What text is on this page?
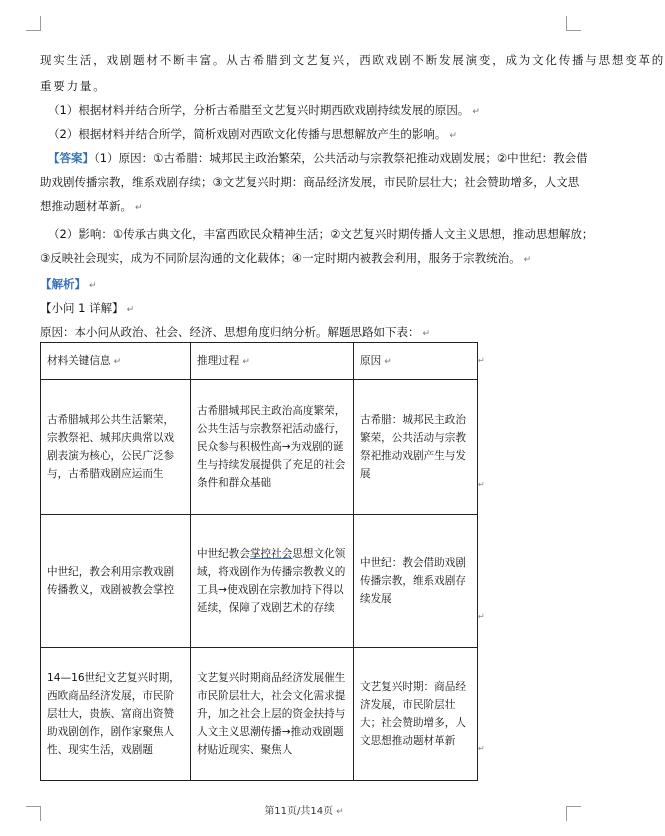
现实生活，戏剧题材不断丰富。从古希腊到文艺复兴，西欧戏剧不断发展演变，成为文化传播与思想变革的
重要力量。
（1）根据材料并结合所学，分析古希腊至文艺复兴时期西欧戏剧持续发展的原因。 ↵
（2）根据材料并结合所学，简析戏剧对西欧文化传播与思想解放产生的影响。 ↵
【答案】（1）原因：①古希腊：城邦民主政治繁荣，公共活动与宗教祭祀推动戏剧发展；②中世纪：教会借
助戏剧传播宗教，维系戏剧存续；③文艺复兴时期：商品经济发展，市民阶层壮大；社会赞助增多，人文思
想推动题材革新。 ↵
（2）影响：①传承古典文化，丰富西欧民众精神生活；②文艺复兴时期传播人文主义思想，推动思想解放；
③反映社会现实，成为不同阶层沟通的文化载体；④一定时期内被教会利用，服务于宗教统治。 ↵
【解析】 ↵
【小问 1 详解】 ↵
原因：本小问从政治、社会、经济、思想角度归纳分析。解题思路如下表： ↵
材料关键信息 ↵	推理过程 ↵	原因 ↵
古希腊城邦公共生活繁荣，宗教祭祀、城邦庆典常以戏剧表演为核心，公民广泛参与，古希腊戏剧应运而生	古希腊城邦民主政治高度繁荣，公共生活与宗教祭祀活动盛行，民众参与积极性高→为戏剧的诞生与持续发展提供了充足的社会条件和群众基础	古希腊：城邦民主政治繁荣，公共活动与宗教祭祀推动戏剧产生与发展
中世纪，教会利用宗教戏剧传播教义，戏剧被教会掌控	中世纪教会掌控社会思想文化领域，将戏剧作为传播宗教教义的工具→使戏剧在宗教加持下得以延续，保障了戏剧艺术的存续	中世纪：教会借助戏剧传播宗教，维系戏剧存续发展
14—16世纪文艺复兴时期，西欧商品经济发展，市民阶层壮大，贵族、富商出资赞助戏剧创作，剧作家聚焦人性、现实生活，戏剧题	文艺复兴时期商品经济发展催生市民阶层壮大，社会文化需求提升，加之社会上层的资金扶持与人文主义思潮传播→推动戏剧题材贴近现实、聚焦人	文艺复兴时期：商品经济发展，市民阶层壮大；社会赞助增多，人文思想推动题材革新
↵
↵
↵
↵
第11页/共14页 ↵
